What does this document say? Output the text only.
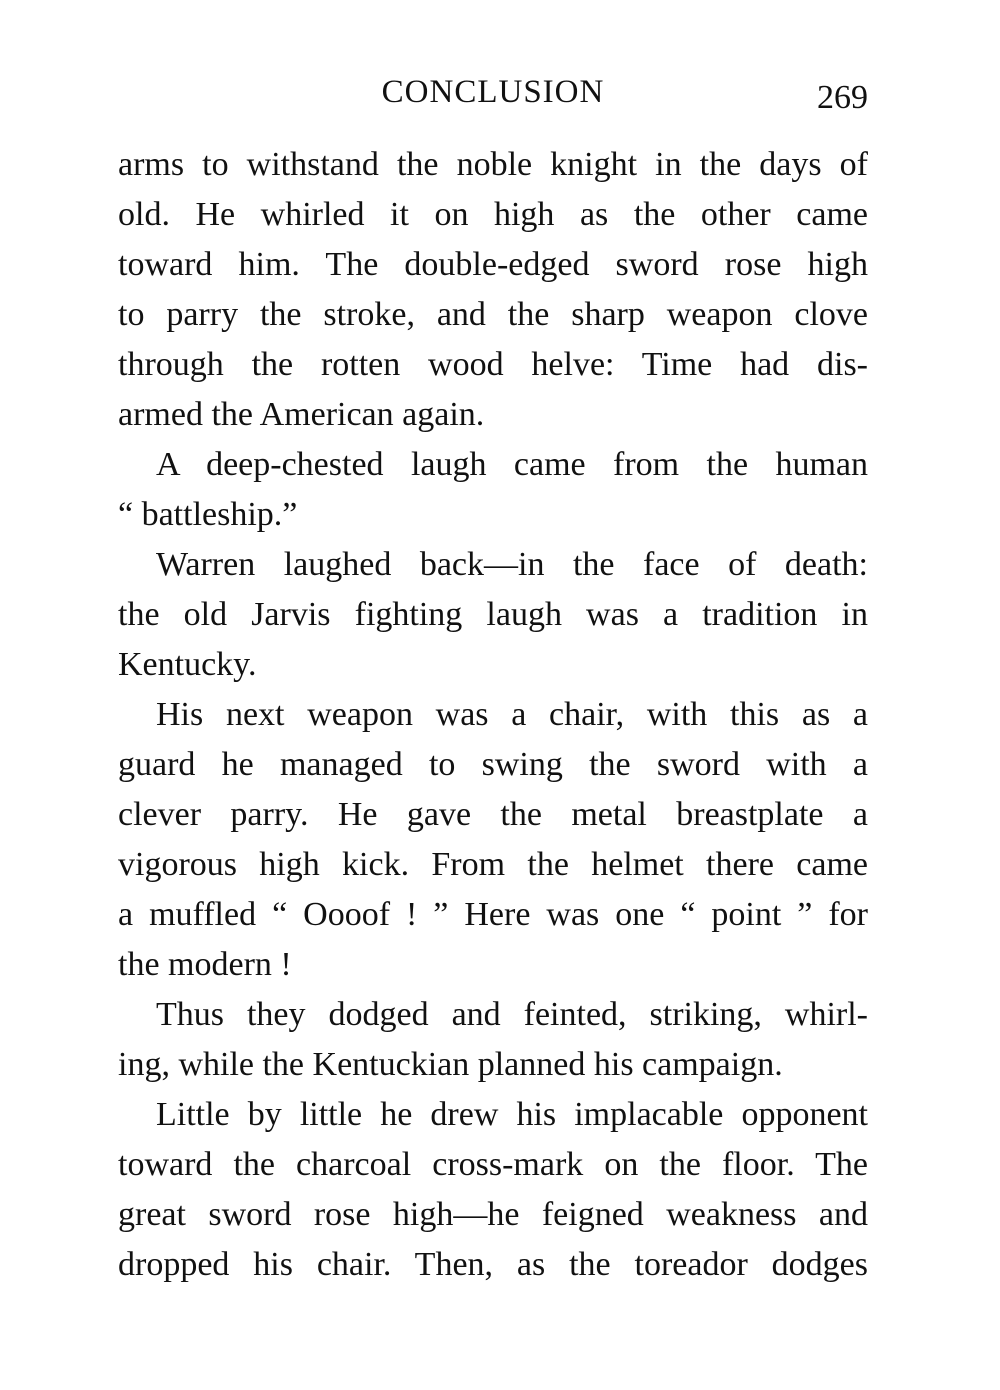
CONCLUSION	269
arms to withstand the noble knight in the days of
old. He whirled it on high as the other came
toward him. The double-edged sword rose high
to parry the stroke, and the sharp weapon clove
through the rotten wood helve: Time had dis-
armed the American again.
A deep-chested laugh came from the human
“ battleship.”
Warren laughed back—in the face of death:
the old Jarvis fighting laugh was a tradition in
Kentucky.
His next weapon was a chair, with this as a
guard he managed to swing the sword with a
clever parry. He gave the metal breastplate a
vigorous high kick. From the helmet there came
a muffled “ Oooof ! ” Here was one “ point ” for
the modern !
Thus they dodged and feinted, striking, whirl-
ing, while the Kentuckian planned his campaign.
Little by little he drew his implacable opponent
toward the charcoal cross-mark on the floor. The
great sword rose high—he feigned weakness and
dropped his chair. Then, as the toreador dodges
